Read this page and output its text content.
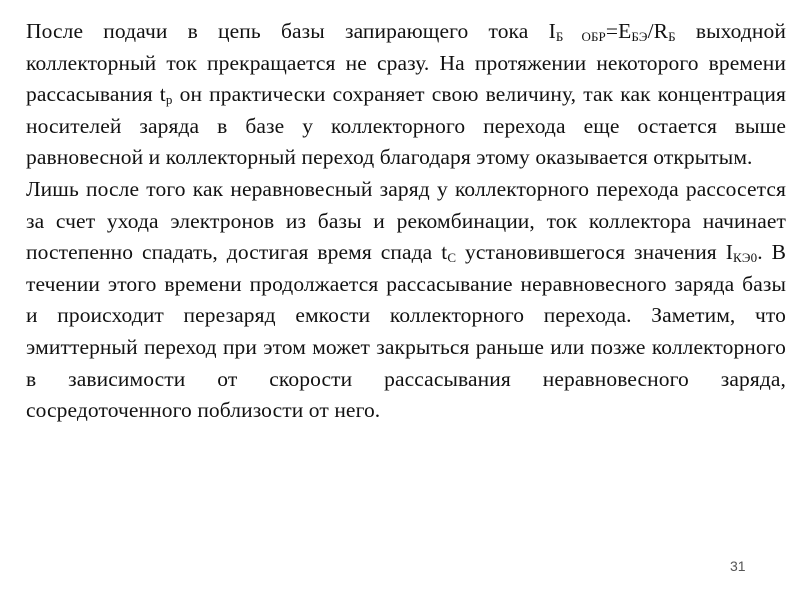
После подачи в цепь базы запирающего тока $I_{Б ОБР}=E_{БЭ}/R_Б$ выходной коллекторный ток прекращается не сразу. На протяжении некоторого времени рассасывания $t_р$ он практически сохраняет свою величину, так как концентрация носителей заряда в базе у коллекторного перехода еще остается выше равновесной и коллекторный переход благодаря этому оказывается открытым.

Лишь после того как неравновесный заряд у коллекторного перехода рассосется за счет ухода электронов из базы и рекомбинации, ток коллектора начинает постепенно спадать, достигая время спада $t_C$ установившегося значения $I_{КЭ0}$. В течении этого времени продолжается рассасывание неравновесного заряда базы и происходит перезаряд емкости коллекторного перехода. Заметим, что эмиттерный переход при этом может закрыться раньше или позже коллекторного в зависимости от скорости рассасывания неравновесного заряда, сосредоточенного поблизости от него.

31
